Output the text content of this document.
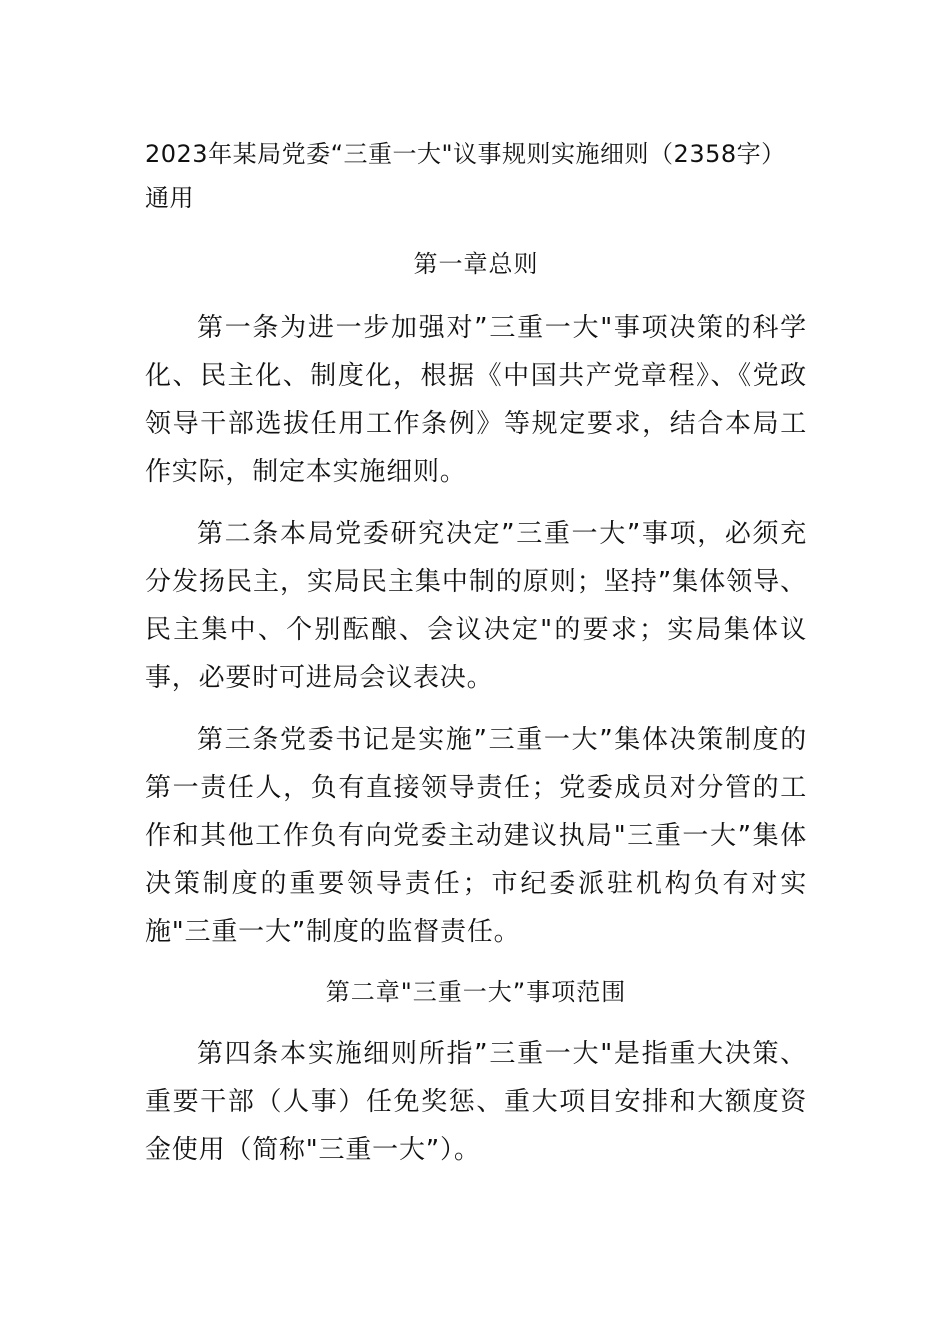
2023年某局党委“三重一大"议事规则实施细则（2358字）通用
第一章总则

第一条为进一步加强对”三重一大"事项决策的科学化、民主化、制度化，根据《中国共产党章程》、《党政领导干部选拔任用工作条例》等规定要求，结合本局工作实际，制定本实施细则。

第二条本局党委研究决定”三重一大”事项，必须充分发扬民主，实局民主集中制的原则；坚持”集体领导、民主集中、个别酝酿、会议决定"的要求；实局集体议事，必要时可进局会议表决。

第三条党委书记是实施”三重一大”集体决策制度的第一责任人，负有直接领导责任；党委成员对分管的工作和其他工作负有向党委主动建议执局"三重一大”集体决策制度的重要领导责任；市纪委派驻机构负有对实施"三重一大”制度的监督责任。

第二章"三重一大”事项范围

第四条本实施细则所指”三重一大"是指重大决策、重要干部（人事）任免奖惩、重大项目安排和大额度资金使用（简称"三重一大”）。
